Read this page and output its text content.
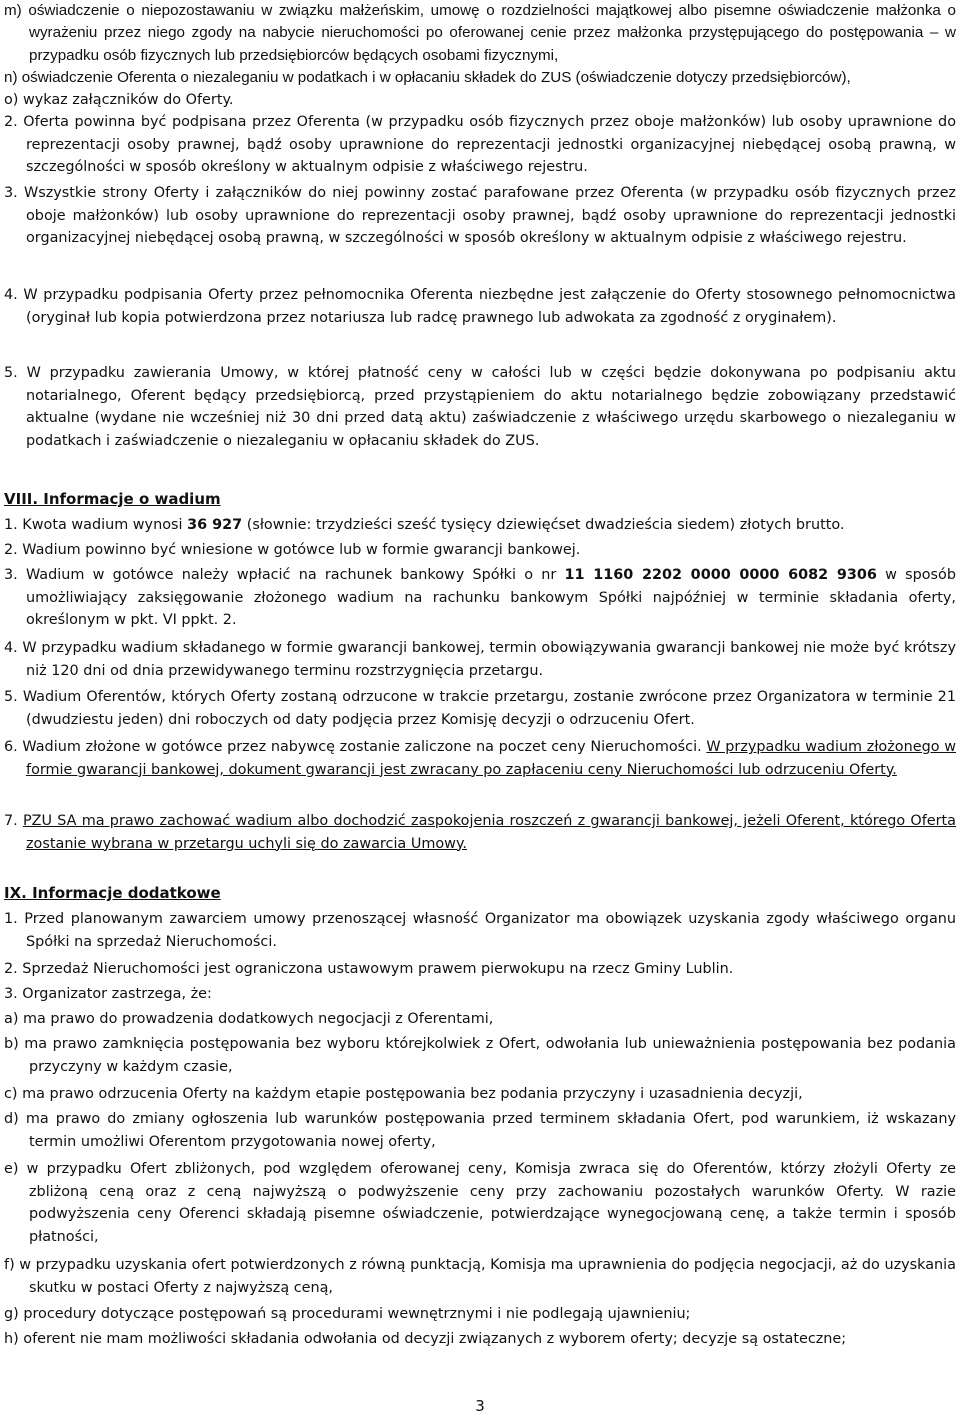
m) oświadczenie o niepozostawaniu w związku małżeńskim, umowę o rozdzielności majątkowej albo pisemne oświadczenie małżonka o wyrażeniu przez niego zgody na nabycie nieruchomości po oferowanej cenie przez małżonka przystępującego do postępowania – w przypadku osób fizycznych lub przedsiębiorców będących osobami fizycznymi,
n) oświadczenie Oferenta o niezaleganiu w podatkach i w opłacaniu składek do ZUS (oświadczenie dotyczy przedsiębiorców),
o) wykaz załączników do Oferty.
2. Oferta powinna być podpisana przez Oferenta (w przypadku osób fizycznych przez oboje małżonków) lub osoby uprawnione do reprezentacji osoby prawnej, bądź osoby uprawnione do reprezentacji jednostki organizacyjnej niebędącej osobą prawną, w szczególności w sposób określony w aktualnym odpisie z właściwego rejestru.
3. Wszystkie strony Oferty i załączników do niej powinny zostać parafowane przez Oferenta (w przypadku osób fizycznych przez oboje małżonków) lub osoby uprawnione do reprezentacji osoby prawnej, bądź osoby uprawnione do reprezentacji jednostki organizacyjnej niebędącej osobą prawną, w szczególności w sposób określony w aktualnym odpisie z właściwego rejestru.
4. W przypadku podpisania Oferty przez pełnomocnika Oferenta niezbędne jest załączenie do Oferty stosownego pełnomocnictwa (oryginał lub kopia potwierdzona przez notariusza lub radcę prawnego lub adwokata za zgodność z oryginałem).
5. W przypadku zawierania Umowy, w której płatność ceny w całości lub w części będzie dokonywana po podpisaniu aktu notarialnego, Oferent będący przedsiębiorcą, przed przystąpieniem do aktu notarialnego będzie zobowiązany przedstawić aktualne (wydane nie wcześniej niż 30 dni przed datą aktu) zaświadczenie z właściwego urzędu skarbowego o niezaleganiu w podatkach i zaświadczenie o niezaleganiu w opłacaniu składek do ZUS.
VIII. Informacje o wadium
1. Kwota wadium wynosi 36 927 (słownie: trzydzieści sześć tysięcy dziewięćset dwadzieścia siedem) złotych brutto.
2. Wadium powinno być wniesione w gotówce lub w formie gwarancji bankowej.
3. Wadium w gotówce należy wpłacić na rachunek bankowy Spółki o nr 11 1160 2202 0000 0000 6082 9306 w sposób umożliwiający zaksięgowanie złożonego wadium na rachunku bankowym Spółki najpóźniej w terminie składania oferty, określonym w pkt. VI ppkt. 2.
4. W przypadku wadium składanego w formie gwarancji bankowej, termin obowiązywania gwarancji bankowej nie może być krótszy niż 120 dni od dnia przewidywanego terminu rozstrzygnięcia przetargu.
5. Wadium Oferentów, których Oferty zostaną odrzucone w trakcie przetargu, zostanie zwrócone przez Organizatora w terminie 21 (dwudziestu jeden) dni roboczych od daty podjęcia przez Komisję decyzji o odrzuceniu Ofert.
6. Wadium złożone w gotówce przez nabywcę zostanie zaliczone na poczet ceny Nieruchomości. W przypadku wadium złożonego w formie gwarancji bankowej, dokument gwarancji jest zwracany po zapłaceniu ceny Nieruchomości lub odrzuceniu Oferty.
7. PZU SA ma prawo zachować wadium albo dochodzić zaspokojenia roszczeń z gwarancji bankowej, jeżeli Oferent, którego Oferta zostanie wybrana w przetargu uchyli się do zawarcia Umowy.
IX. Informacje dodatkowe
1. Przed planowanym zawarciem umowy przenoszącej własność Organizator ma obowiązek uzyskania zgody właściwego organu Spółki na sprzedaż Nieruchomości.
2. Sprzedaż Nieruchomości jest ograniczona ustawowym prawem pierwokupu na rzecz Gminy Lublin.
3. Organizator zastrzega, że:
a) ma prawo do prowadzenia dodatkowych negocjacji z Oferentami,
b) ma prawo zamknięcia postępowania bez wyboru którejkolwiek z Ofert, odwołania lub unieważnienia postępowania bez podania przyczyny w każdym czasie,
c) ma prawo odrzucenia Oferty na każdym etapie postępowania bez podania przyczyny i uzasadnienia decyzji,
d) ma prawo do zmiany ogłoszenia lub warunków postępowania przed terminem składania Ofert, pod warunkiem, iż wskazany termin umożliwi Oferentom przygotowania nowej oferty,
e) w przypadku Ofert zbliżonych, pod względem oferowanej ceny, Komisja zwraca się do Oferentów, którzy złożyli Oferty ze zbliżoną ceną oraz z ceną najwyższą o podwyższenie ceny przy zachowaniu pozostałych warunków Oferty. W razie podwyższenia ceny Oferenci składają pisemne oświadczenie, potwierdzające wynegocjowaną cenę, a także termin i sposób płatności,
f) w przypadku uzyskania ofert potwierdzonych z równą punktacją, Komisja ma uprawnienia do podjęcia negocjacji, aż do uzyskania skutku w postaci Oferty z najwyższą ceną,
g) procedury dotyczące postępowań są procedurami wewnętrznymi i nie podlegają ujawnieniu;
h) oferent nie mam możliwości składania odwołania od decyzji związanych z wyborem oferty; decyzje są ostateczne;
3
